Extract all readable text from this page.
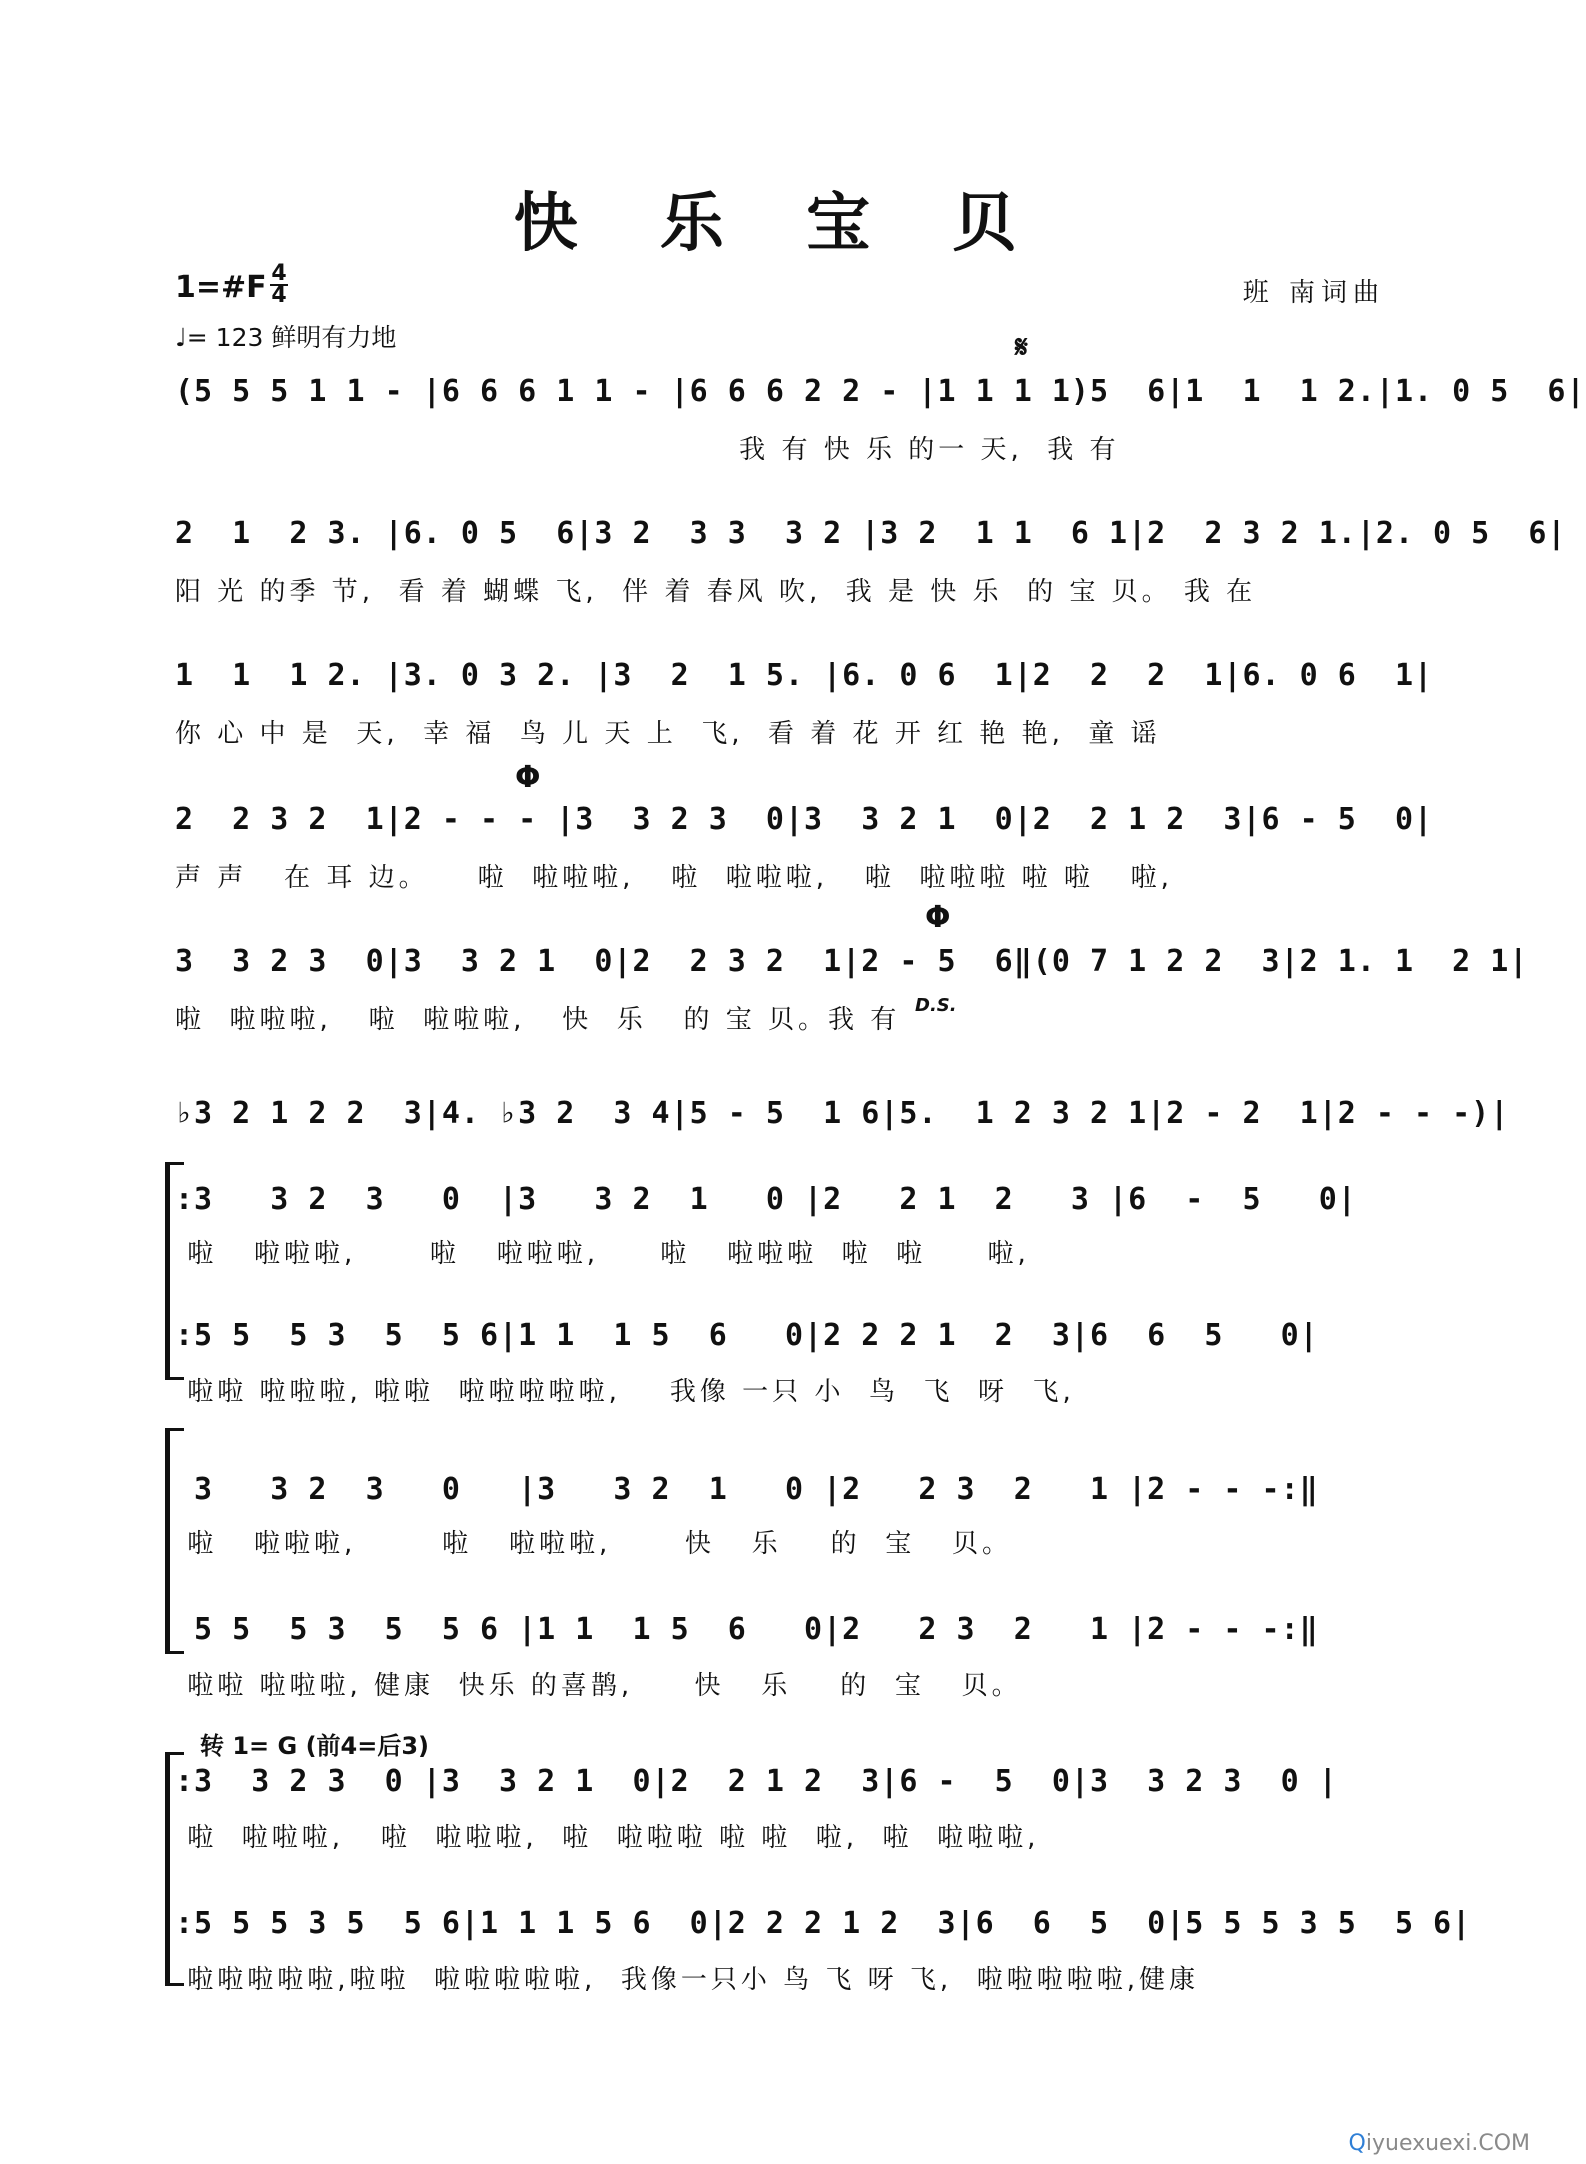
快 乐 宝 贝
1=#F 4
4
♩= 123 鲜明有力地
班 南词曲
𝄋
Φ
Φ
D.S.
转 1= G (前4=后3)
(5 5 5 1 1 - |6 6 6 1 1 - |6 6 6 2 2 - |1 1 1 1)5  6|1  1  1 2.|1. 0 5  6|
我 有 快 乐 的一 天,  我 有
2  1  2 3. |6. 0 5  6|3 2  3 3  3 2 |3 2  1 1  6 1|2  2 3 2 1.|2. 0 5  6|
阳 光 的季 节,  看 着 蝴蝶 飞,  伴 着 春风 吹,  我 是 快 乐  的 宝 贝。 我 在
1  1  1 2. |3. 0 3 2. |3  2  1 5. |6. 0 6  1|2  2  2  1|6. 0 6  1|
你 心 中 是  天,  幸 福  鸟 儿 天 上  飞,  看 着 花 开 红 艳 艳,  童 谣
2  2 3 2  1|2 - - - |3  3 2 3  0|3  3 2 1  0|2  2 1 2  3|6 - 5  0|
声 声   在 耳 边。    啦  啦啦啦,   啦  啦啦啦,   啦  啦啦啦 啦 啦   啦,
3  3 2 3  0|3  3 2 1  0|2  2 3 2  1|2 - 5  6‖(0 7 1 2 2  3|2 1. 1  2 1|
啦  啦啦啦,   啦  啦啦啦,   快  乐   的 宝 贝。我 有
♭3 2 1 2 2  3|4. ♭3 2  3 4|5 - 5  1 6|5.  1 2 3 2 1|2 - 2  1|2 - - -)|
:3   3 2  3   0  |3   3 2  1   0 |2   2 1  2   3 |6  -  5   0|
啦   啦啦啦,      啦   啦啦啦,     啦   啦啦啦  啦  啦     啦,
:5 5  5 3  5  5 6|1 1  1 5  6   0|2 2 2 1  2  3|6  6  5   0|
啦啦 啦啦啦, 啦啦  啦啦啦啦啦,    我像 一只 小  鸟  飞  呀  飞,
3   3 2  3   0   |3   3 2  1   0 |2   2 3  2   1 |2 - - -:‖
啦   啦啦啦,       啦   啦啦啦,      快   乐    的  宝   贝。
5 5  5 3  5  5 6 |1 1  1 5  6   0|2   2 3  2   1 |2 - - -:‖
啦啦 啦啦啦, 健康  快乐 的喜鹊,     快   乐    的  宝   贝。
:3  3 2 3  0 |3  3 2 1  0|2  2 1 2  3|6 -  5  0|3  3 2 3  0 |
啦  啦啦啦,   啦  啦啦啦,  啦  啦啦啦 啦 啦  啦,  啦  啦啦啦,
:5 5 5 3 5  5 6|1 1 1 5 6  0|2 2 2 1 2  3|6  6  5  0|5 5 5 3 5  5 6|
啦啦啦啦啦,啦啦  啦啦啦啦啦,  我像一只小 鸟 飞 呀 飞,  啦啦啦啦啦,健康
Qiyuexuexi.COM
